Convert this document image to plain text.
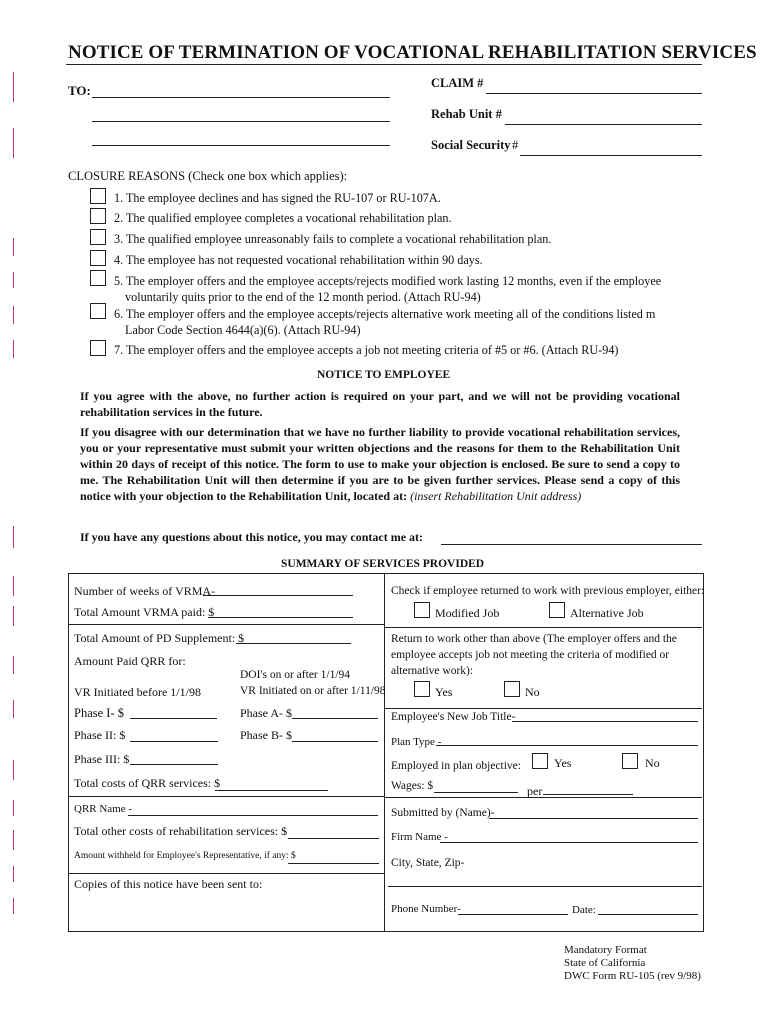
NOTICE OF TERMINATION OF VOCATIONAL REHABILITATION SERVICES
TO:	CLAIM #
Rehab Unit #
Social Security #
CLOSURE REASONS (Check one box which applies):
1. The employee declines and has signed the RU-107 or RU-107A.
2. The qualified employee completes a vocational rehabilitation plan.
3. The qualified employee unreasonably fails to complete a vocational rehabilitation plan.
4. The employee has not requested vocational rehabilitation within 90 days.
5. The employer offers and the employee accepts/rejects modified work lasting 12 months, even if the employee
voluntarily quits prior to the end of the 12 month period. (Attach RU-94)
6. The employer offers and the employee accepts/rejects alternative work meeting all of the conditions listed m
Labor Code Section 4644(a)(6). (Attach RU-94)
7. The employer offers and the employee accepts a job not meeting criteria of #5 or #6. (Attach RU-94)
NOTICE TO EMPLOYEE
If you agree with the above, no further action is required on your part, and we will not be providing vocational rehabilitation services in the future.
If you disagree with our determination that we have no further liability to provide vocational rehabilitation services, you or your representative must submit your written objections and the reasons for them to the Rehabilitation Unit within 20 days of receipt of this notice. The form to use to make your objection is enclosed. Be sure to send a copy to me. The Rehabilitation Unit will then determine if you are to be given further services. Please send a copy of this notice with your objection to the Rehabilitation Unit, located at: (insert Rehabilitation Unit address)
If you have any questions about this notice, you may contact me at:
SUMMARY OF SERVICES PROVIDED
Number of weeks of VRMA-
Total Amount VRMA paid: $
Total Amount of PD Supplement: $
Amount Paid QRR for:
DOI's on or after 1/1/94
VR Initiated before 1/1/98	VR Initiated on or after 1/11/98
Phase I- $	Phase A- $
Phase II: $	Phase B- $
Phase III: $
Total costs of QRR services: $
QRR Name -
Total other costs of rehabilitation services: $
Amount withheld for Employee's Representative, if any: $
Copies of this notice have been sent to:
Check if employee returned to work with previous employer, either:
Modified Job	Alternative Job
Return to work other than above (The employer offers and the
employee accepts job not meeting the criteria of modified or
alternative work):
Yes	No
Employee's New Job Title-
Plan Type -
Employed in plan objective:	Yes	No
Wages: $	per
Submitted by (Name)-
Firm Name -
City, State, Zip-
Phone Number-	Date:
Mandatory Format
State of California
DWC Form RU-105 (rev 9/98)
